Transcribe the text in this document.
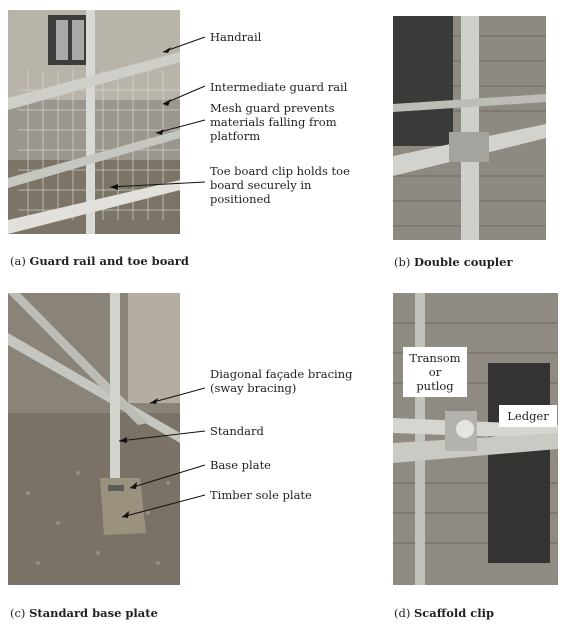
Handrail
Intermediate guard rail
Mesh guard prevents
materials falling from
platform
Toe board clip holds toe
board securely in
positioned
Diagonal façade bracing
(sway bracing)
Standard
Base plate
Timber sole plate
Transom
or
putlog
Ledger
(a) Guard rail and toe board	(b) Double coupler
(c) Standard base plate	(d) Scaffold clip
